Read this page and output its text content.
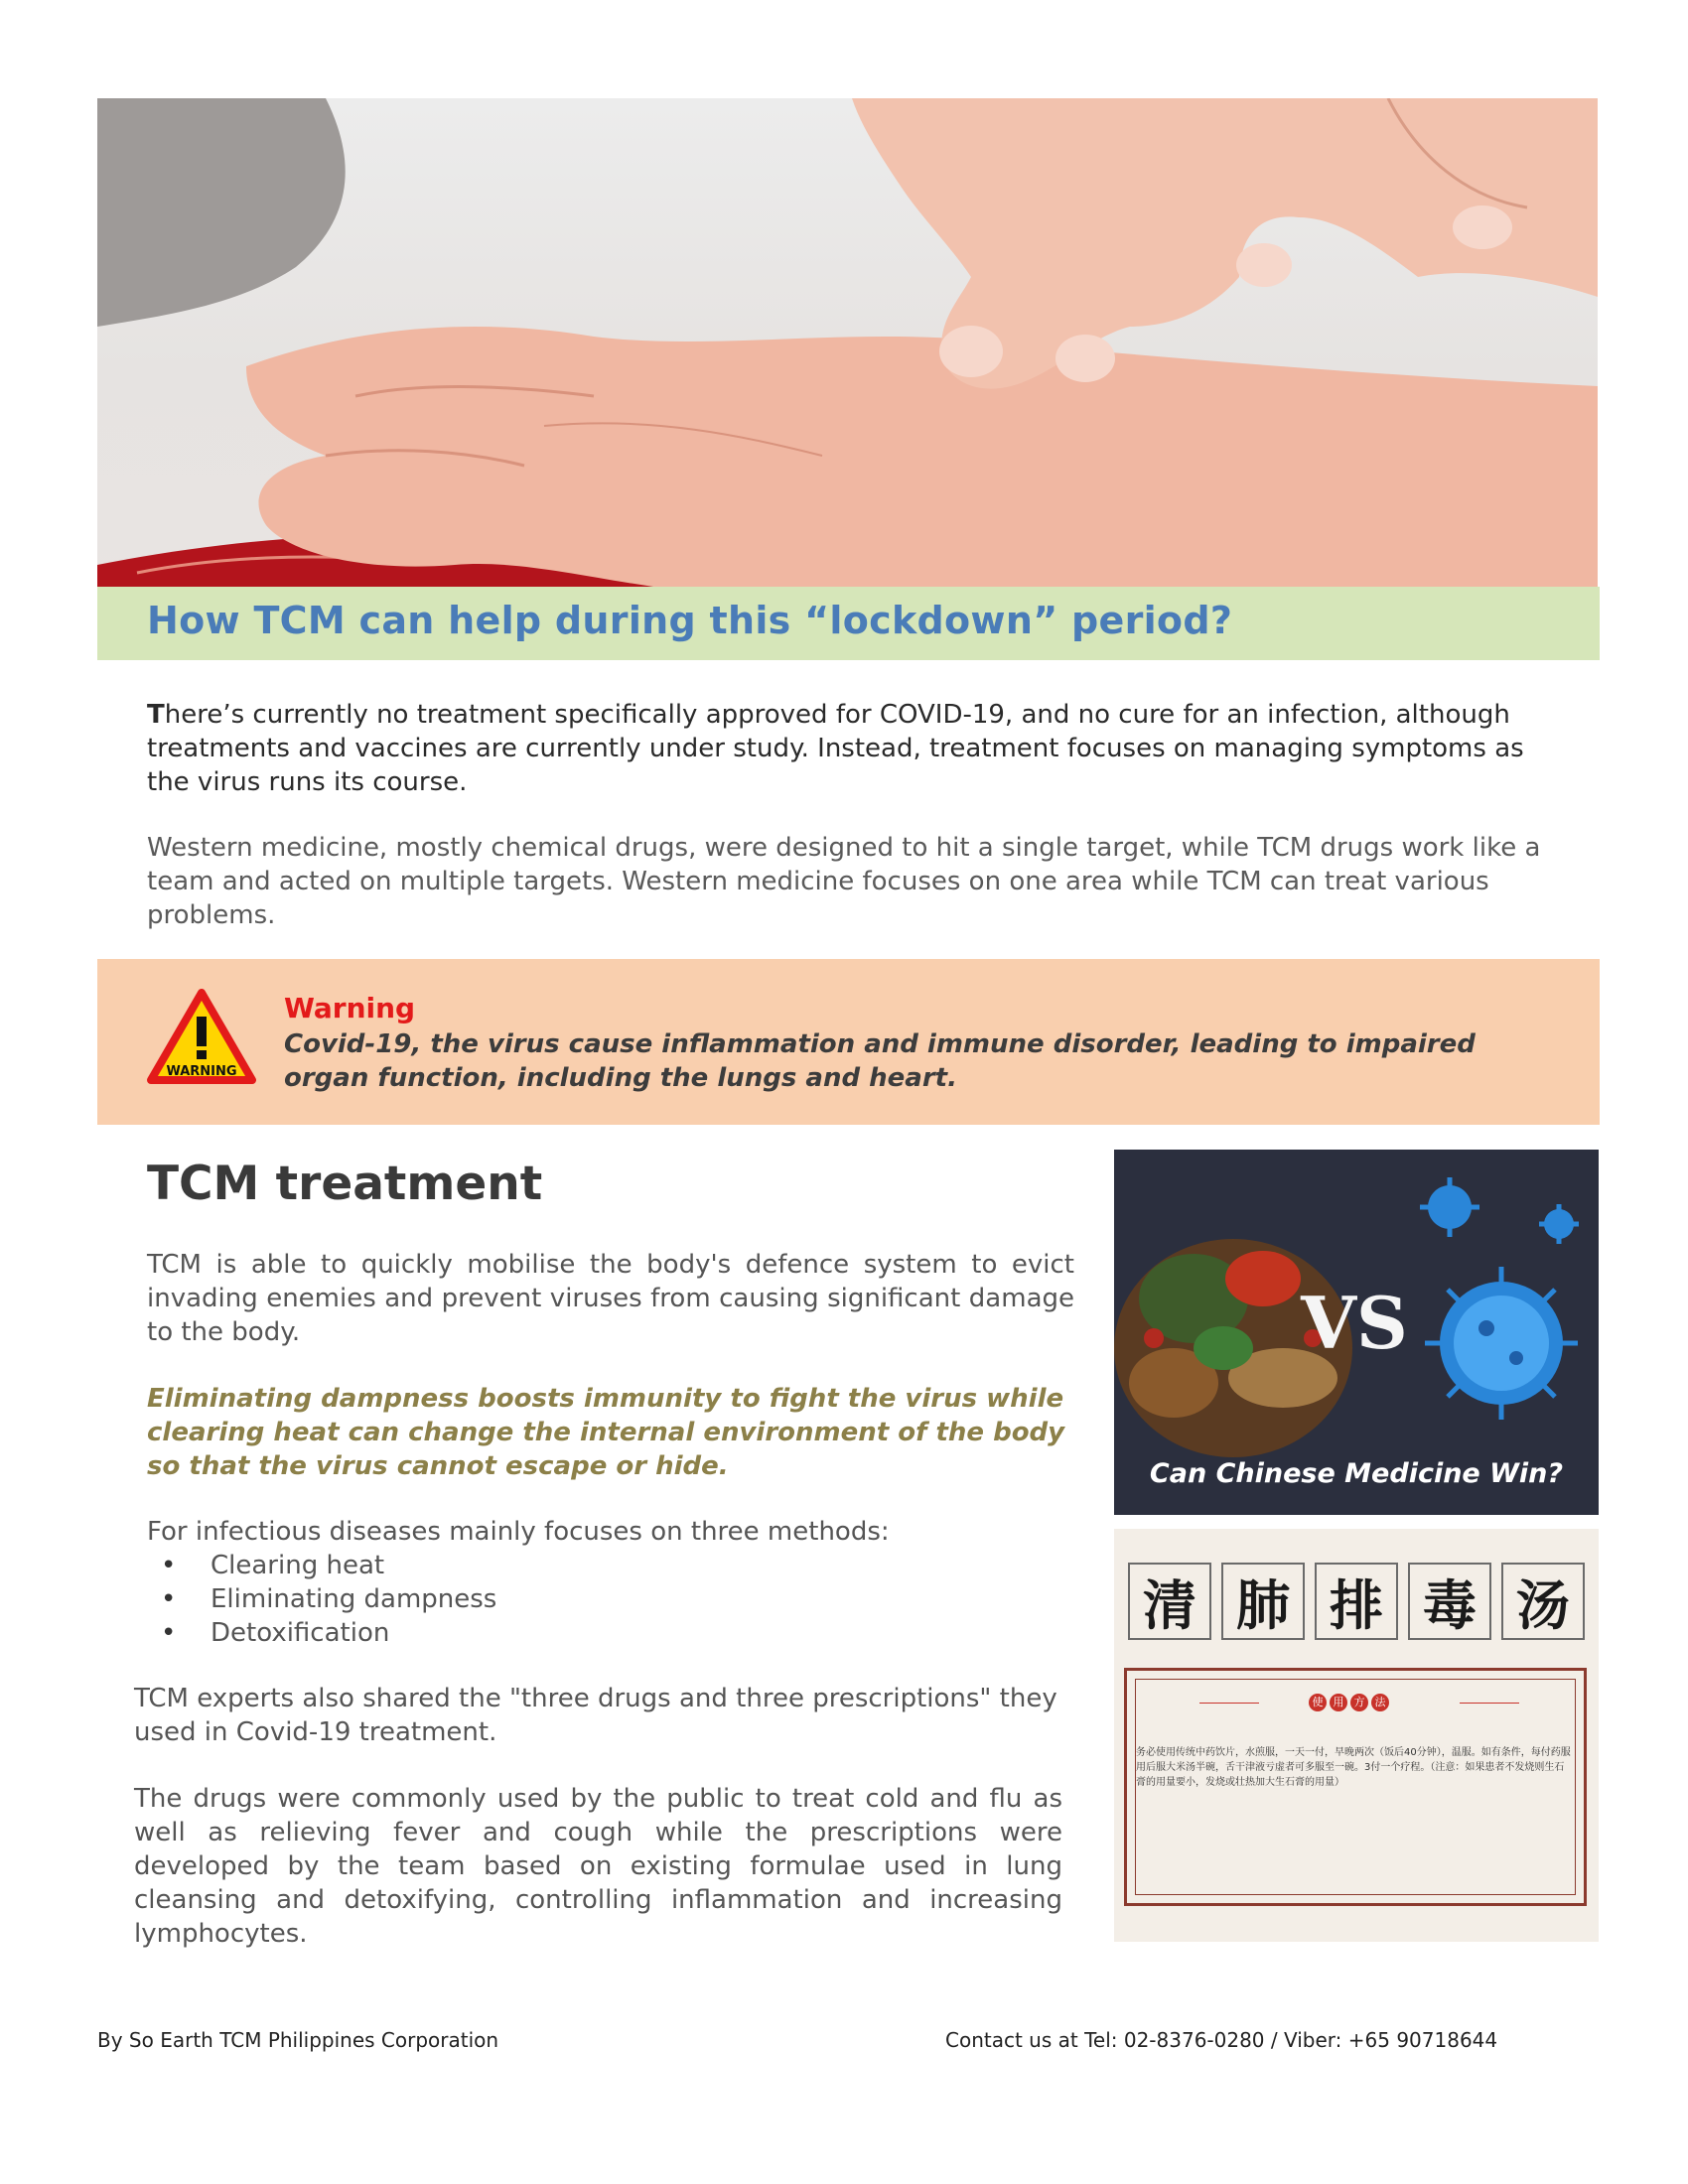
How TCM can help during this “lockdown” period?

There’s currently no treatment specifically approved for COVID-19, and no cure for an infection, although treatments and vaccines are currently under study. Instead, treatment focuses on managing symptoms as the virus runs its course.

Western medicine, mostly chemical drugs, were designed to hit a single target, while TCM drugs work like a team and acted on multiple targets. Western medicine focuses on one area while TCM can treat various problems.

WARNING

Warning

Covid-19, the virus cause inflammation and immune disorder, leading to impaired organ function, including the lungs and heart.

TCM treatment

TCM is able to quickly mobilise the body's defence system to evict invading enemies and prevent viruses from causing significant damage to the body.

Eliminating dampness boosts immunity to fight the virus while clearing heat can change the internal environment of the body so that the virus cannot escape or hide.

For infectious diseases mainly focuses on three methods:

• Clearing heat
• Eliminating dampness
• Detoxification

TCM experts also shared the "three drugs and three prescriptions" they used in Covid-19 treatment.

The drugs were commonly used by the public to treat cold and flu as well as relieving fever and cough while the prescriptions were developed by the team based on existing formulae used in lung cleansing and detoxifying, controlling inflammation and increasing lymphocytes.

VS
Can Chinese Medicine Win?
清 肺 排 毒 汤
使 用 方 法

务必使用传统中药饮片，水煎服，一天一付，早晚两次（饭后40分钟），温服。如有条件，每付药服用后服大米汤半碗，舌干津液亏虚者可多服至一碗。3付一个疗程。（注意：如果患者不发烧则生石膏的用量要小，发烧或壮热加大生石膏的用量）

By So Earth TCM Philippines Corporation	Contact us at Tel: 02-8376-0280 / Viber: +65 90718644
